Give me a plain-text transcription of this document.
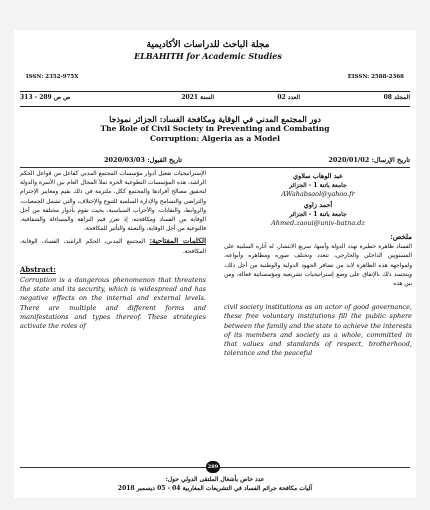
مجلة الباحث للدراسات الأكاديمية
ELBAHITH for Academic Studies
ISSN: 2352-975X	EISSN: 2588-2368
المجلد 08
العدد 02
السنة 2021
ص ص 289 - 313
دور المجتمع المدني في الوقاية ومكافحة الفساد: الجزائر نموذجا
The Role of Civil Society in Preventing and Combating
Corruption: Algeria as a Model
تاريخ الإرسال: 2020/01/02
تاريخ القبول: 2020/03/03
عبد الوهاب سلاوي
جامعة باتنة 1 - الجزائر
AWahabsaol@yahoo.fr
أحمد زاوي
جامعة باتنة 1 - الجزائر
Ahmed.zaoui@univ-batna.dz
ملخص:
الفساد ظاهرة خطيرة تهدد الدولة وأمنها، سريع الانتشار، له آثاره السلبية على المستويين الداخلي والخارجي، تتعدد وتختلف صوره ومظاهره وأنواعه، ولمواجهة هذه الظاهرة لابد من تضافر الجهود الدولية والوطنية من أجل ذلك، ويتجسد ذلك بالإتفاق على وضع إستراتيجيات تشريعية ومؤسساتية فعالة، ومن بين هذه
civil society institutions as an actor of good governance, these free voluntary institutions fill the public sphere between the family and the state to achieve the interests of its members and society as a whole, committed in that values and standards of respect, brotherhood, tolerance and the peaceful
الإستراتيجيات تفعيل أدوار مؤسسات المجتمع المدني كفاعل من فواعل الحكم الراشد، هذه المؤسسات التطوعية الحرة تملأ المجال العام بين الأسرة والدولة لتحقيق مصالح أفرادها والمجتمع ككل، ملتزمة في ذلك بقيم ومعايير الإحترام والتراضي والتسامح والإدارة السلمية للتنوع والإختلاف، والتي تشمل الجمعيات، والروابط، والنقابات، والأحزاب السياسية، بحيث تقوم بأدوار مختلفة من أجل الوقاية من الفساد ومكافحته، إذ تعزز قيم النزاهة والمساءلة والشفافية، فالتوعية من أجل الوقاية، والتعبئة والتأثير للمكافحة.
الكلمات المفتاحية: المجتمع المدني، الحكم الراشد، الفساد، الوقاية، المكافحة.
Abstract:
Corruption is a dangerous phenomenon that threatens the state and its security, which is widespread and has negative effects on the internal and external levels. There are multiple and different forms and manifestations and types thereof. These strategies activate the roles of
289
عدد خاص بأشغال الملتقى الدولي حول:
آليات مكافحة جرائم الفساد في التشريعات المغاربية 04 - 05 ديسمبر 2018
